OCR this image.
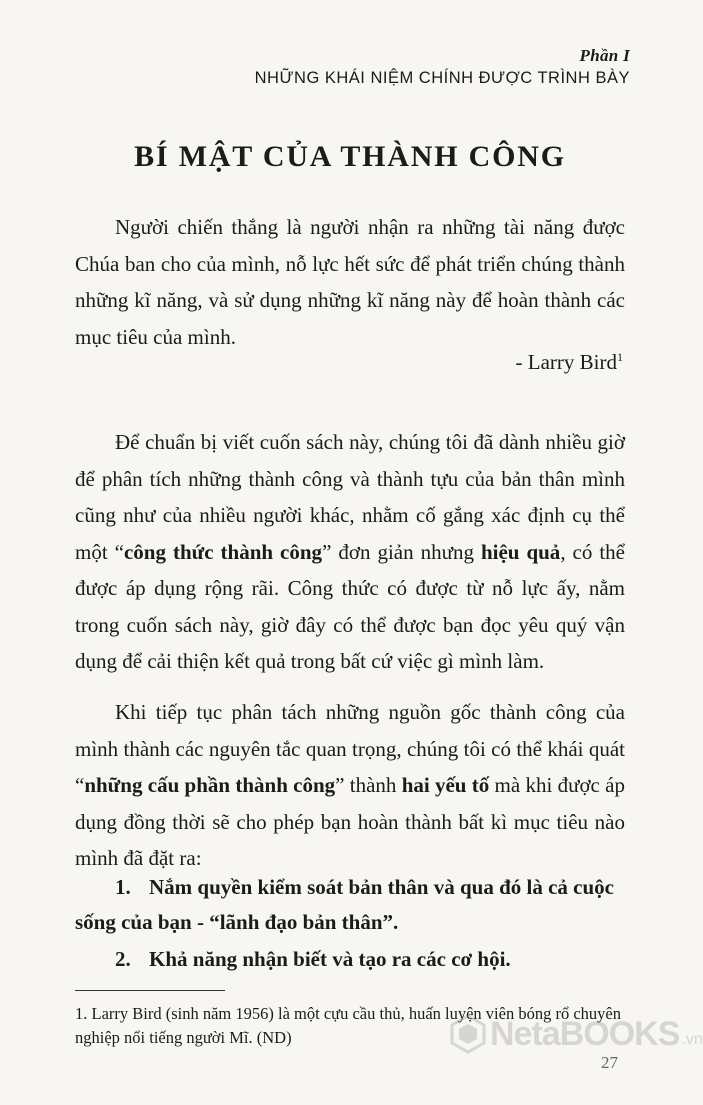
Phần I
NHỮNG KHÁI NIỆM CHÍNH ĐƯỢC TRÌNH BÀY
BÍ MẬT CỦA THÀNH CÔNG

Người chiến thắng là người nhận ra những tài năng được Chúa ban cho của mình, nỗ lực hết sức để phát triển chúng thành những kĩ năng, và sử dụng những kĩ năng này để hoàn thành các mục tiêu của mình.

- Larry Bird$^1$

Để chuẩn bị viết cuốn sách này, chúng tôi đã dành nhiều giờ để phân tích những thành công và thành tựu của bản thân mình cũng như của nhiều người khác, nhằm cố gắng xác định cụ thể một “công thức thành công” đơn giản nhưng hiệu quả, có thể được áp dụng rộng rãi. Công thức có được từ nỗ lực ấy, nằm trong cuốn sách này, giờ đây có thể được bạn đọc yêu quý vận dụng để cải thiện kết quả trong bất cứ việc gì mình làm.

Khi tiếp tục phân tách những nguồn gốc thành công của mình thành các nguyên tắc quan trọng, chúng tôi có thể khái quát “những cấu phần thành công” thành hai yếu tố mà khi được áp dụng đồng thời sẽ cho phép bạn hoàn thành bất kì mục tiêu nào mình đã đặt ra:

1. Nắm quyền kiểm soát bản thân và qua đó là cả cuộc sống của bạn - “lãnh đạo bản thân”.
2. Khả năng nhận biết và tạo ra các cơ hội.
1. Larry Bird (sinh năm 1956) là một cựu cầu thủ, huấn luyện viên bóng rổ chuyên nghiệp nổi tiếng người Mĩ. (ND)	NetaBOOKS .vn
27
